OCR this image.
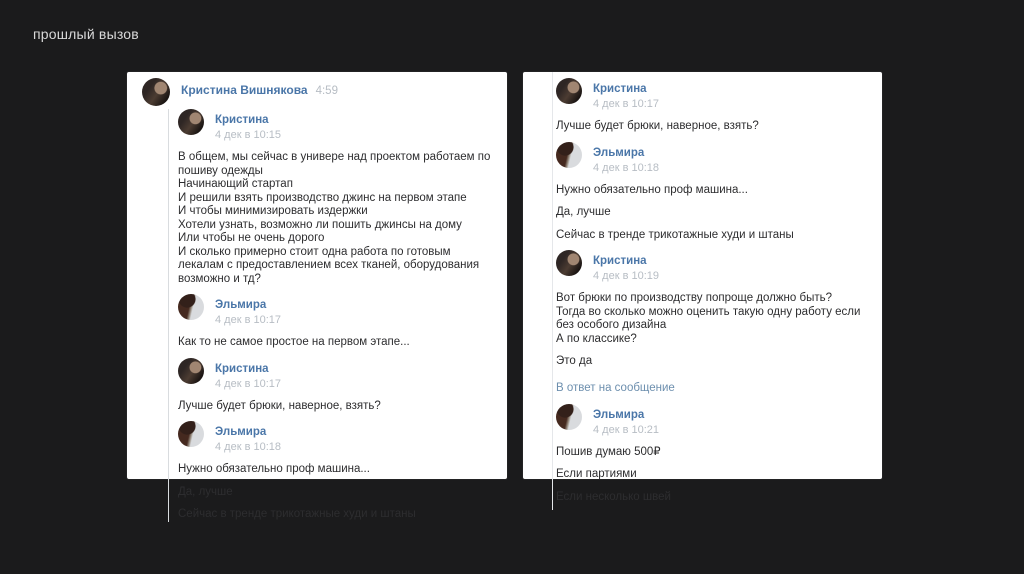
прошлый вызов
Кристина Вишнякова 4:59
Кристина
4 дек в 10:15
В общем, мы сейчас в универе над проектом работаем по пошиву одежды
Начинающий стартап
И решили взять производство джинс на первом этапе
И чтобы минимизировать издержки
Хотели узнать, возможно ли пошить джинсы на дому
Или чтобы не очень дорого
И сколько примерно стоит одна работа по готовым лекалам с предоставлением всех тканей, оборудования возможно и тд?
Эльмира
4 дек в 10:17
Как то не самое простое на первом этапе...
Кристина
4 дек в 10:17
Лучше будет брюки, наверное, взять?
Эльмира
4 дек в 10:18
Нужно обязательно проф машина...
Да, лучше
Сейчас в тренде трикотажные худи и штаны
Кристина
4 дек в 10:17
Лучше будет брюки, наверное, взять?
Эльмира
4 дек в 10:18
Нужно обязательно проф машина...
Да, лучше
Сейчас в тренде трикотажные худи и штаны
Кристина
4 дек в 10:19
Вот брюки по производству попроще должно быть?
Тогда во сколько можно оценить такую одну работу если без особого дизайна
А по классике?
Это да
В ответ на сообщение
Эльмира
4 дек в 10:21
Пошив думаю 500₽
Если партиями
Если несколько швей
